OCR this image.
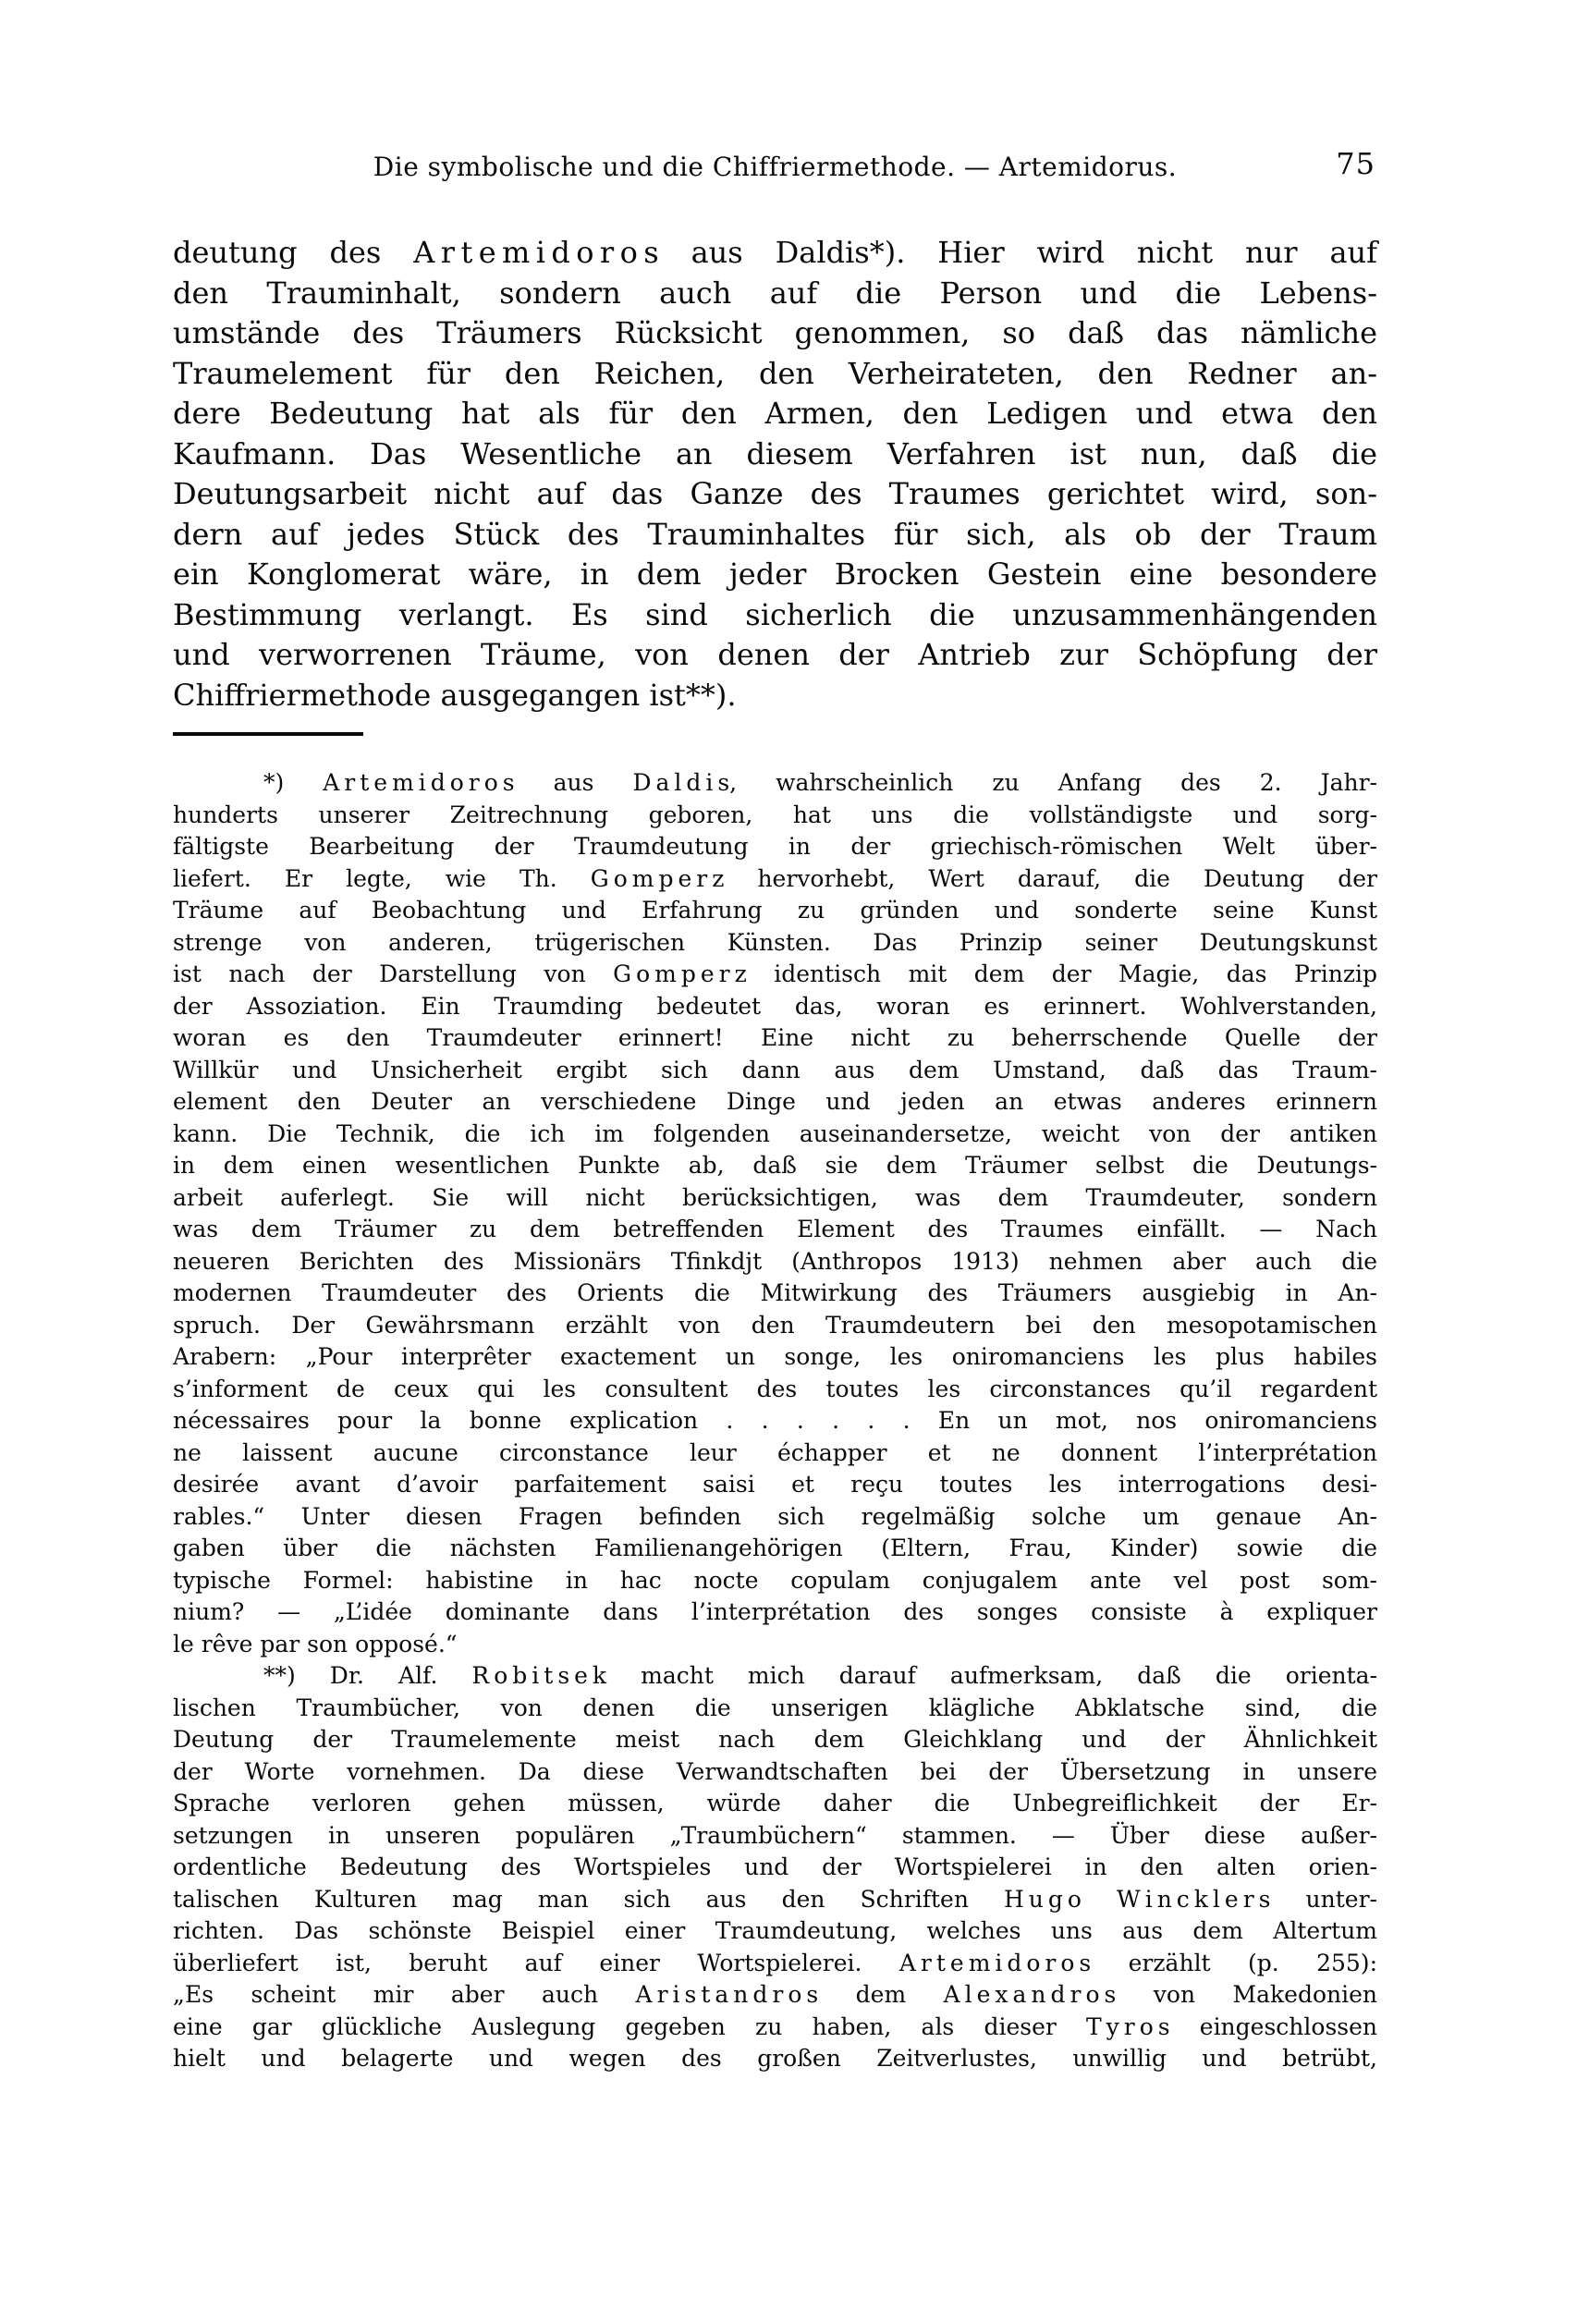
Die symbolische und die Chiffriermethode. — Artemidorus.	75
deutung des A r t e m i d o r o s aus Daldis*). Hier wird nicht nur auf
den Trauminhalt, sondern auch auf die Person und die Lebens-
umstände des Träumers Rücksicht genommen, so daß das nämliche
Traumelement für den Reichen, den Verheirateten, den Redner an-
dere Bedeutung hat als für den Armen, den Ledigen und etwa den
Kaufmann. Das Wesentliche an diesem Verfahren ist nun, daß die
Deutungsarbeit nicht auf das Ganze des Traumes gerichtet wird, son-
dern auf jedes Stück des Trauminhaltes für sich, als ob der Traum
ein Konglomerat wäre, in dem jeder Brocken Gestein eine besondere
Bestimmung verlangt. Es sind sicherlich die unzusammenhängenden
und verworrenen Träume, von denen der Antrieb zur Schöpfung der
Chiffriermethode ausgegangen ist**).
*) A r t e m i d o r o s aus D a l d i s, wahrscheinlich zu Anfang des 2. Jahr-
hunderts unserer Zeitrechnung geboren, hat uns die vollständigste und sorg-
fältigste Bearbeitung der Traumdeutung in der griechisch-römischen Welt über-
liefert. Er legte, wie Th. G o m p e r z hervorhebt, Wert darauf, die Deutung der
Träume auf Beobachtung und Erfahrung zu gründen und sonderte seine Kunst
strenge von anderen, trügerischen Künsten. Das Prinzip seiner Deutungskunst
ist nach der Darstellung von G o m p e r z identisch mit dem der Magie, das Prinzip
der Assoziation. Ein Traumding bedeutet das, woran es erinnert. Wohlverstanden,
woran es den Traumdeuter erinnert! Eine nicht zu beherrschende Quelle der
Willkür und Unsicherheit ergibt sich dann aus dem Umstand, daß das Traum-
element den Deuter an verschiedene Dinge und jeden an etwas anderes erinnern
kann. Die Technik, die ich im folgenden auseinandersetze, weicht von der antiken
in dem einen wesentlichen Punkte ab, daß sie dem Träumer selbst die Deutungs-
arbeit auferlegt. Sie will nicht berücksichtigen, was dem Traumdeuter, sondern
was dem Träumer zu dem betreffenden Element des Traumes einfällt. — Nach
neueren Berichten des Missionärs Tfinkdjt (Anthropos 1913) nehmen aber auch die
modernen Traumdeuter des Orients die Mitwirkung des Träumers ausgiebig in An-
spruch. Der Gewährsmann erzählt von den Traumdeutern bei den mesopotamischen
Arabern: „Pour interprêter exactement un songe, les oniromanciens les plus habiles
s’informent de ceux qui les consultent des toutes les circonstances qu’il regardent
nécessaires pour la bonne explication . . . . . . En un mot, nos oniromanciens
ne laissent aucune circonstance leur échapper et ne donnent l’interprétation
desirée avant d’avoir parfaitement saisi et reçu toutes les interrogations desi-
rables.“ Unter diesen Fragen befinden sich regelmäßig solche um genaue An-
gaben über die nächsten Familienangehörigen (Eltern, Frau, Kinder) sowie die
typische Formel: habistine in hac nocte copulam conjugalem ante vel post som-
nium? — „L’idée dominante dans l’interprétation des songes consiste à expliquer
le rêve par son opposé.“
**) Dr. Alf. R o b i t s e k macht mich darauf aufmerksam, daß die orienta-
lischen Traumbücher, von denen die unserigen klägliche Abklatsche sind, die
Deutung der Traumelemente meist nach dem Gleichklang und der Ähnlichkeit
der Worte vornehmen. Da diese Verwandtschaften bei der Übersetzung in unsere
Sprache verloren gehen müssen, würde daher die Unbegreiflichkeit der Er-
setzungen in unseren populären „Traumbüchern“ stammen. — Über diese außer-
ordentliche Bedeutung des Wortspieles und der Wortspielerei in den alten orien-
talischen Kulturen mag man sich aus den Schriften H u g o W i n c k l e r s unter-
richten. Das schönste Beispiel einer Traumdeutung, welches uns aus dem Altertum
überliefert ist, beruht auf einer Wortspielerei. A r t e m i d o r o s erzählt (p. 255):
„Es scheint mir aber auch A r i s t a n d r o s dem A l e x a n d r o s von Makedonien
eine gar glückliche Auslegung gegeben zu haben, als dieser T y r o s eingeschlossen
hielt und belagerte und wegen des großen Zeitverlustes, unwillig und betrübt,
